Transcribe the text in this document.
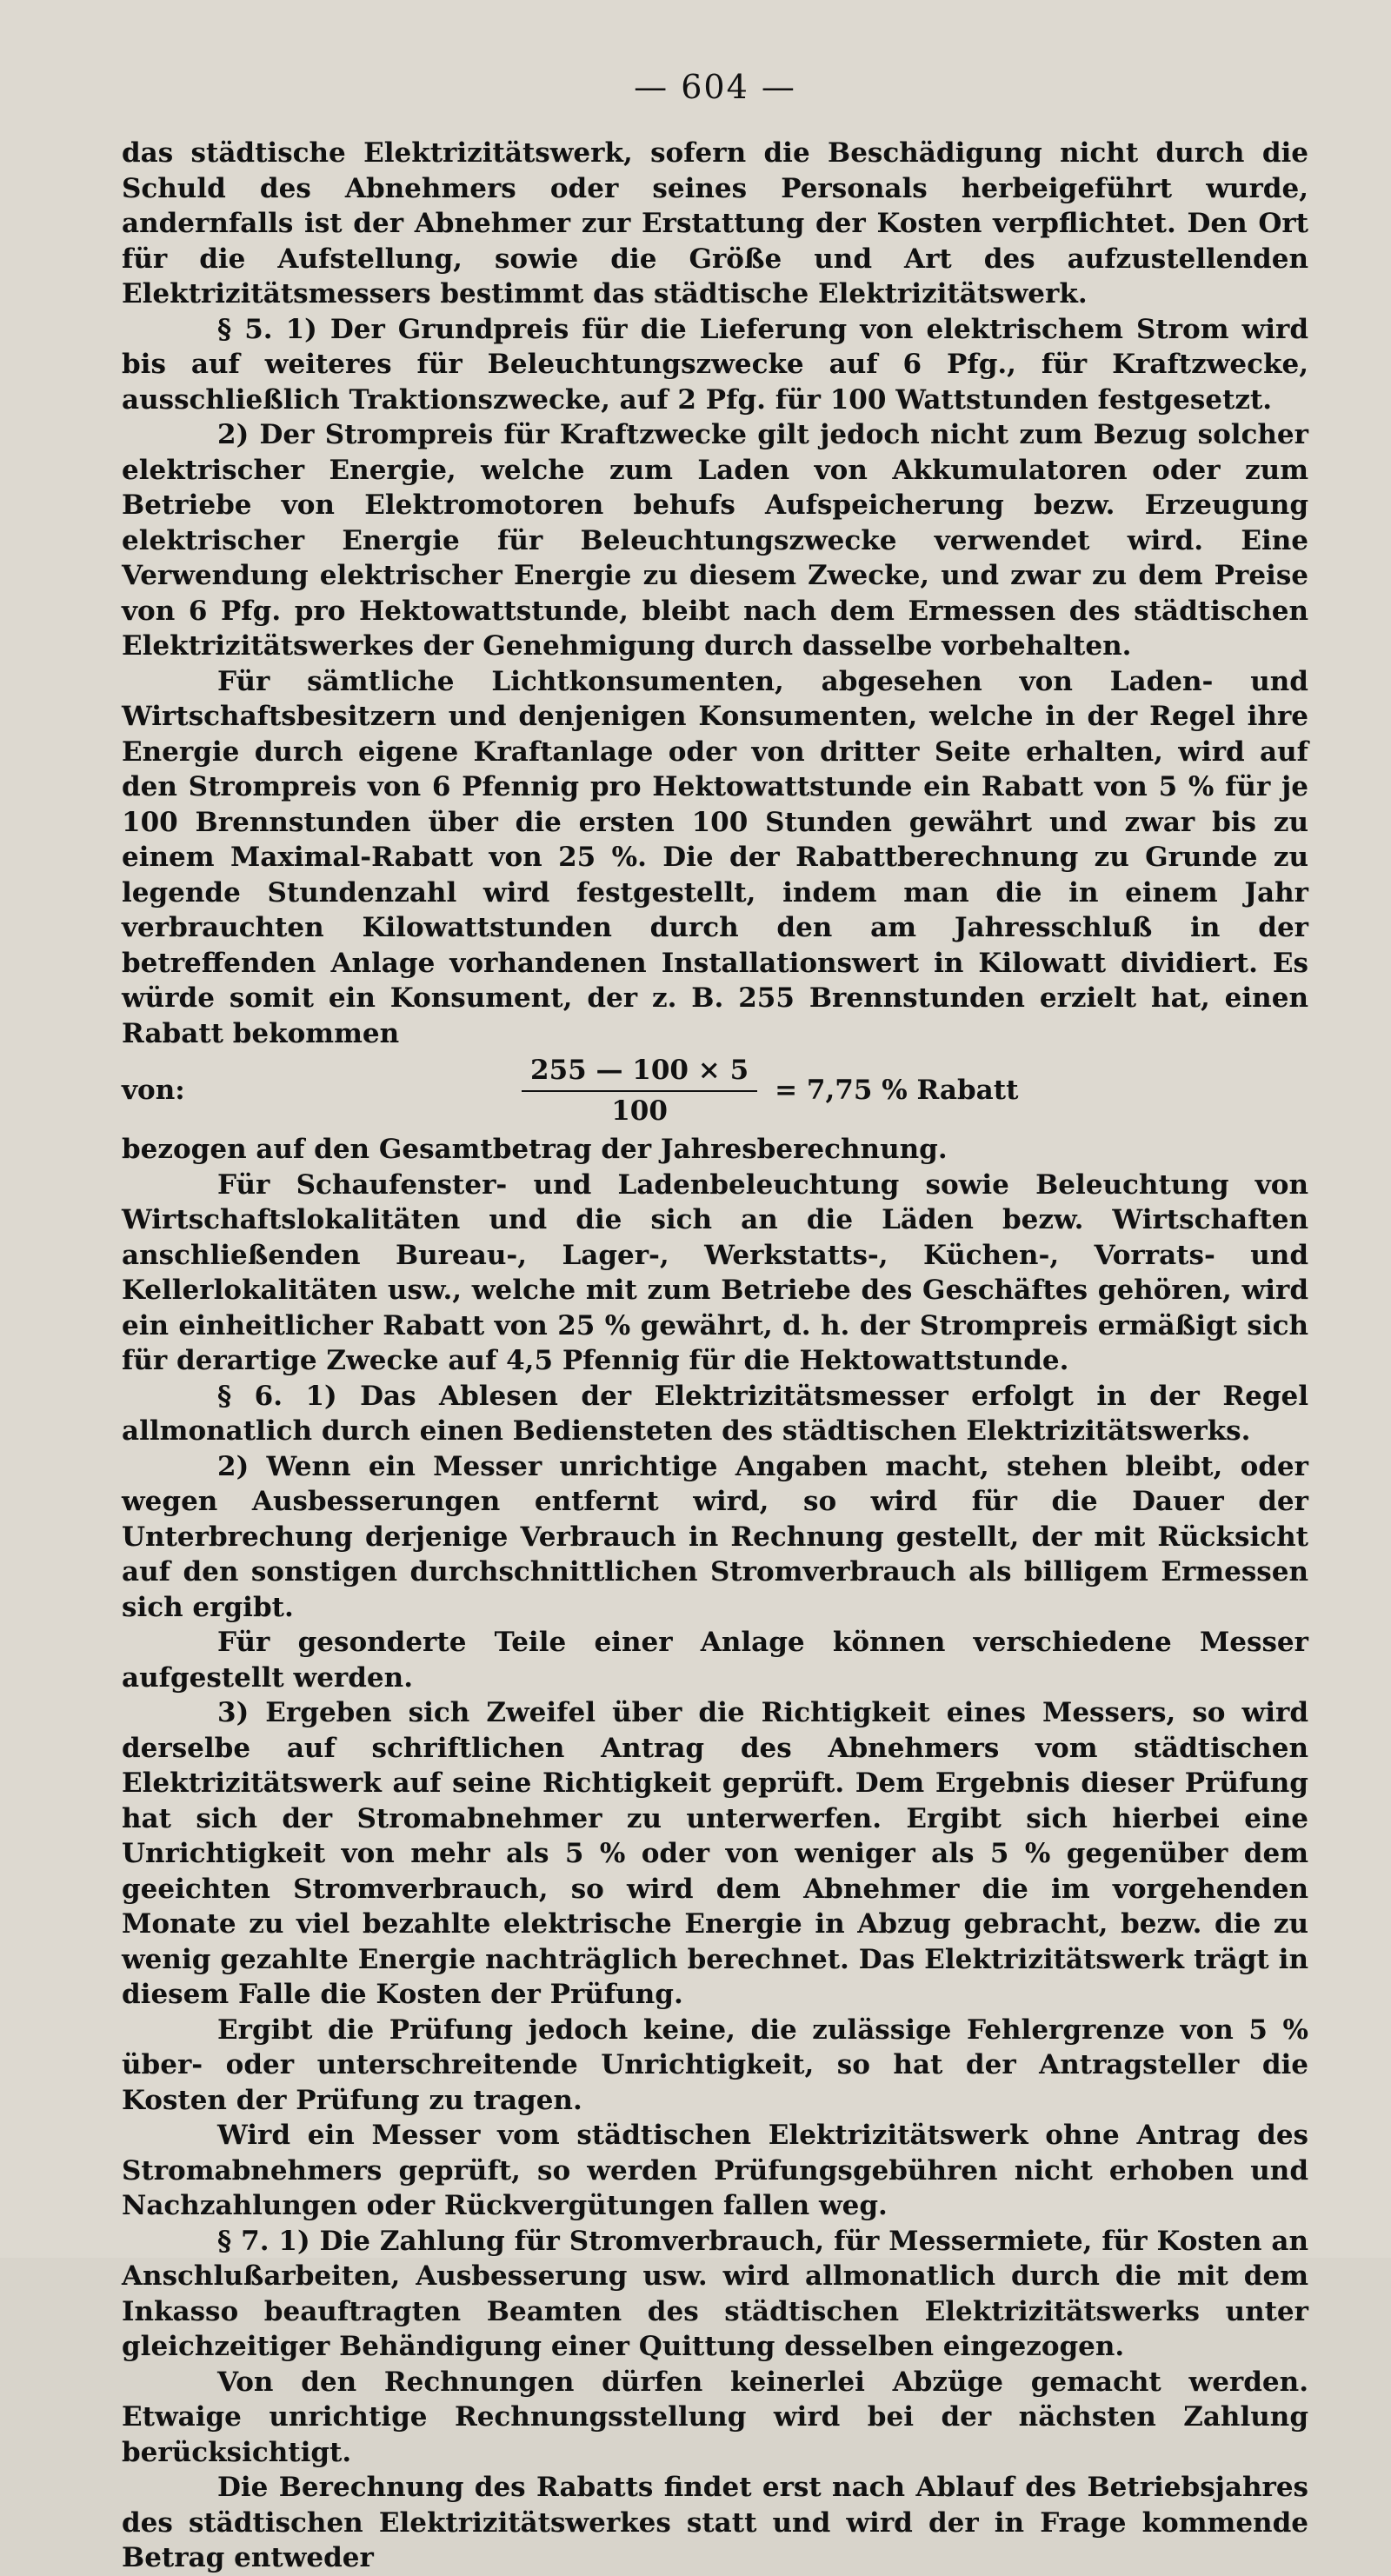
— 604 —

das städtische Elektrizitätswerk, sofern die Beschädigung nicht durch die Schuld des Abnehmers oder seines Personals herbeigeführt wurde, andernfalls ist der Abnehmer zur Erstattung der Kosten verpflichtet. Den Ort für die Aufstellung, sowie die Größe und Art des aufzustellenden Elektrizitätsmessers bestimmt das städtische Elektrizitätswerk.

§ 5. 1) Der Grundpreis für die Lieferung von elektrischem Strom wird bis auf weiteres für Beleuchtungszwecke auf 6 Pfg., für Kraftzwecke, ausschließlich Traktionszwecke, auf 2 Pfg. für 100 Wattstunden festgesetzt.

2) Der Strompreis für Kraftzwecke gilt jedoch nicht zum Bezug solcher elektrischer Energie, welche zum Laden von Akkumulatoren oder zum Betriebe von Elektromotoren behufs Aufspeicherung bezw. Erzeugung elektrischer Energie für Beleuchtungszwecke verwendet wird. Eine Verwendung elektrischer Energie zu diesem Zwecke, und zwar zu dem Preise von 6 Pfg. pro Hektowattstunde, bleibt nach dem Ermessen des städtischen Elektrizitätswerkes der Genehmigung durch dasselbe vorbehalten.

Für sämtliche Lichtkonsumenten, abgesehen von Laden- und Wirtschaftsbesitzern und denjenigen Konsumenten, welche in der Regel ihre Energie durch eigene Kraftanlage oder von dritter Seite erhalten, wird auf den Strompreis von 6 Pfennig pro Hektowattstunde ein Rabatt von 5 % für je 100 Brennstunden über die ersten 100 Stunden gewährt und zwar bis zu einem Maximal-Rabatt von 25 %. Die der Rabattberechnung zu Grunde zu legende Stundenzahl wird festgestellt, indem man die in einem Jahr verbrauchten Kilowattstunden durch den am Jahresschluß in der betreffenden Anlage vorhandenen Installationswert in Kilowatt dividiert. Es würde somit ein Konsument, der z. B. 255 Brennstunden erzielt hat, einen Rabatt bekommen

von:	$\frac{255 — 100 \times 5}{100} = 7,75$ % Rabatt

bezogen auf den Gesamtbetrag der Jahresberechnung.

Für Schaufenster- und Ladenbeleuchtung sowie Beleuchtung von Wirtschaftslokalitäten und die sich an die Läden bezw. Wirtschaften anschließenden Bureau-, Lager-, Werkstatts-, Küchen-, Vorrats- und Kellerlokalitäten usw., welche mit zum Betriebe des Geschäftes gehören, wird ein einheitlicher Rabatt von 25 % gewährt, d. h. der Strompreis ermäßigt sich für derartige Zwecke auf 4,5 Pfennig für die Hektowattstunde.

§ 6. 1) Das Ablesen der Elektrizitätsmesser erfolgt in der Regel allmonatlich durch einen Bediensteten des städtischen Elektrizitätswerks.

2) Wenn ein Messer unrichtige Angaben macht, stehen bleibt, oder wegen Ausbesserungen entfernt wird, so wird für die Dauer der Unterbrechung derjenige Verbrauch in Rechnung gestellt, der mit Rücksicht auf den sonstigen durchschnittlichen Stromverbrauch als billigem Ermessen sich ergibt.

Für gesonderte Teile einer Anlage können verschiedene Messer aufgestellt werden.

3) Ergeben sich Zweifel über die Richtigkeit eines Messers, so wird derselbe auf schriftlichen Antrag des Abnehmers vom städtischen Elektrizitätswerk auf seine Richtigkeit geprüft. Dem Ergebnis dieser Prüfung hat sich der Stromabnehmer zu unterwerfen. Ergibt sich hierbei eine Unrichtigkeit von mehr als 5 % oder von weniger als 5 % gegenüber dem geeichten Stromverbrauch, so wird dem Abnehmer die im vorgehenden Monate zu viel bezahlte elektrische Energie in Abzug gebracht, bezw. die zu wenig gezahlte Energie nachträglich berechnet. Das Elektrizitätswerk trägt in diesem Falle die Kosten der Prüfung.

Ergibt die Prüfung jedoch keine, die zulässige Fehlergrenze von 5 % über- oder unterschreitende Unrichtigkeit, so hat der Antragsteller die Kosten der Prüfung zu tragen.

Wird ein Messer vom städtischen Elektrizitätswerk ohne Antrag des Stromabnehmers geprüft, so werden Prüfungsgebühren nicht erhoben und Nachzahlungen oder Rückvergütungen fallen weg.

§ 7. 1) Die Zahlung für Stromverbrauch, für Messermiete, für Kosten an Anschlußarbeiten, Ausbesserung usw. wird allmonatlich durch die mit dem Inkasso beauftragten Beamten des städtischen Elektrizitätswerks unter gleichzeitiger Behändigung einer Quittung desselben eingezogen.

Von den Rechnungen dürfen keinerlei Abzüge gemacht werden. Etwaige unrichtige Rechnungsstellung wird bei der nächsten Zahlung berücksichtigt.

Die Berechnung des Rabatts findet erst nach Ablauf des Betriebsjahres des städtischen Elektrizitätswerkes statt und wird der in Frage kommende Betrag entweder
